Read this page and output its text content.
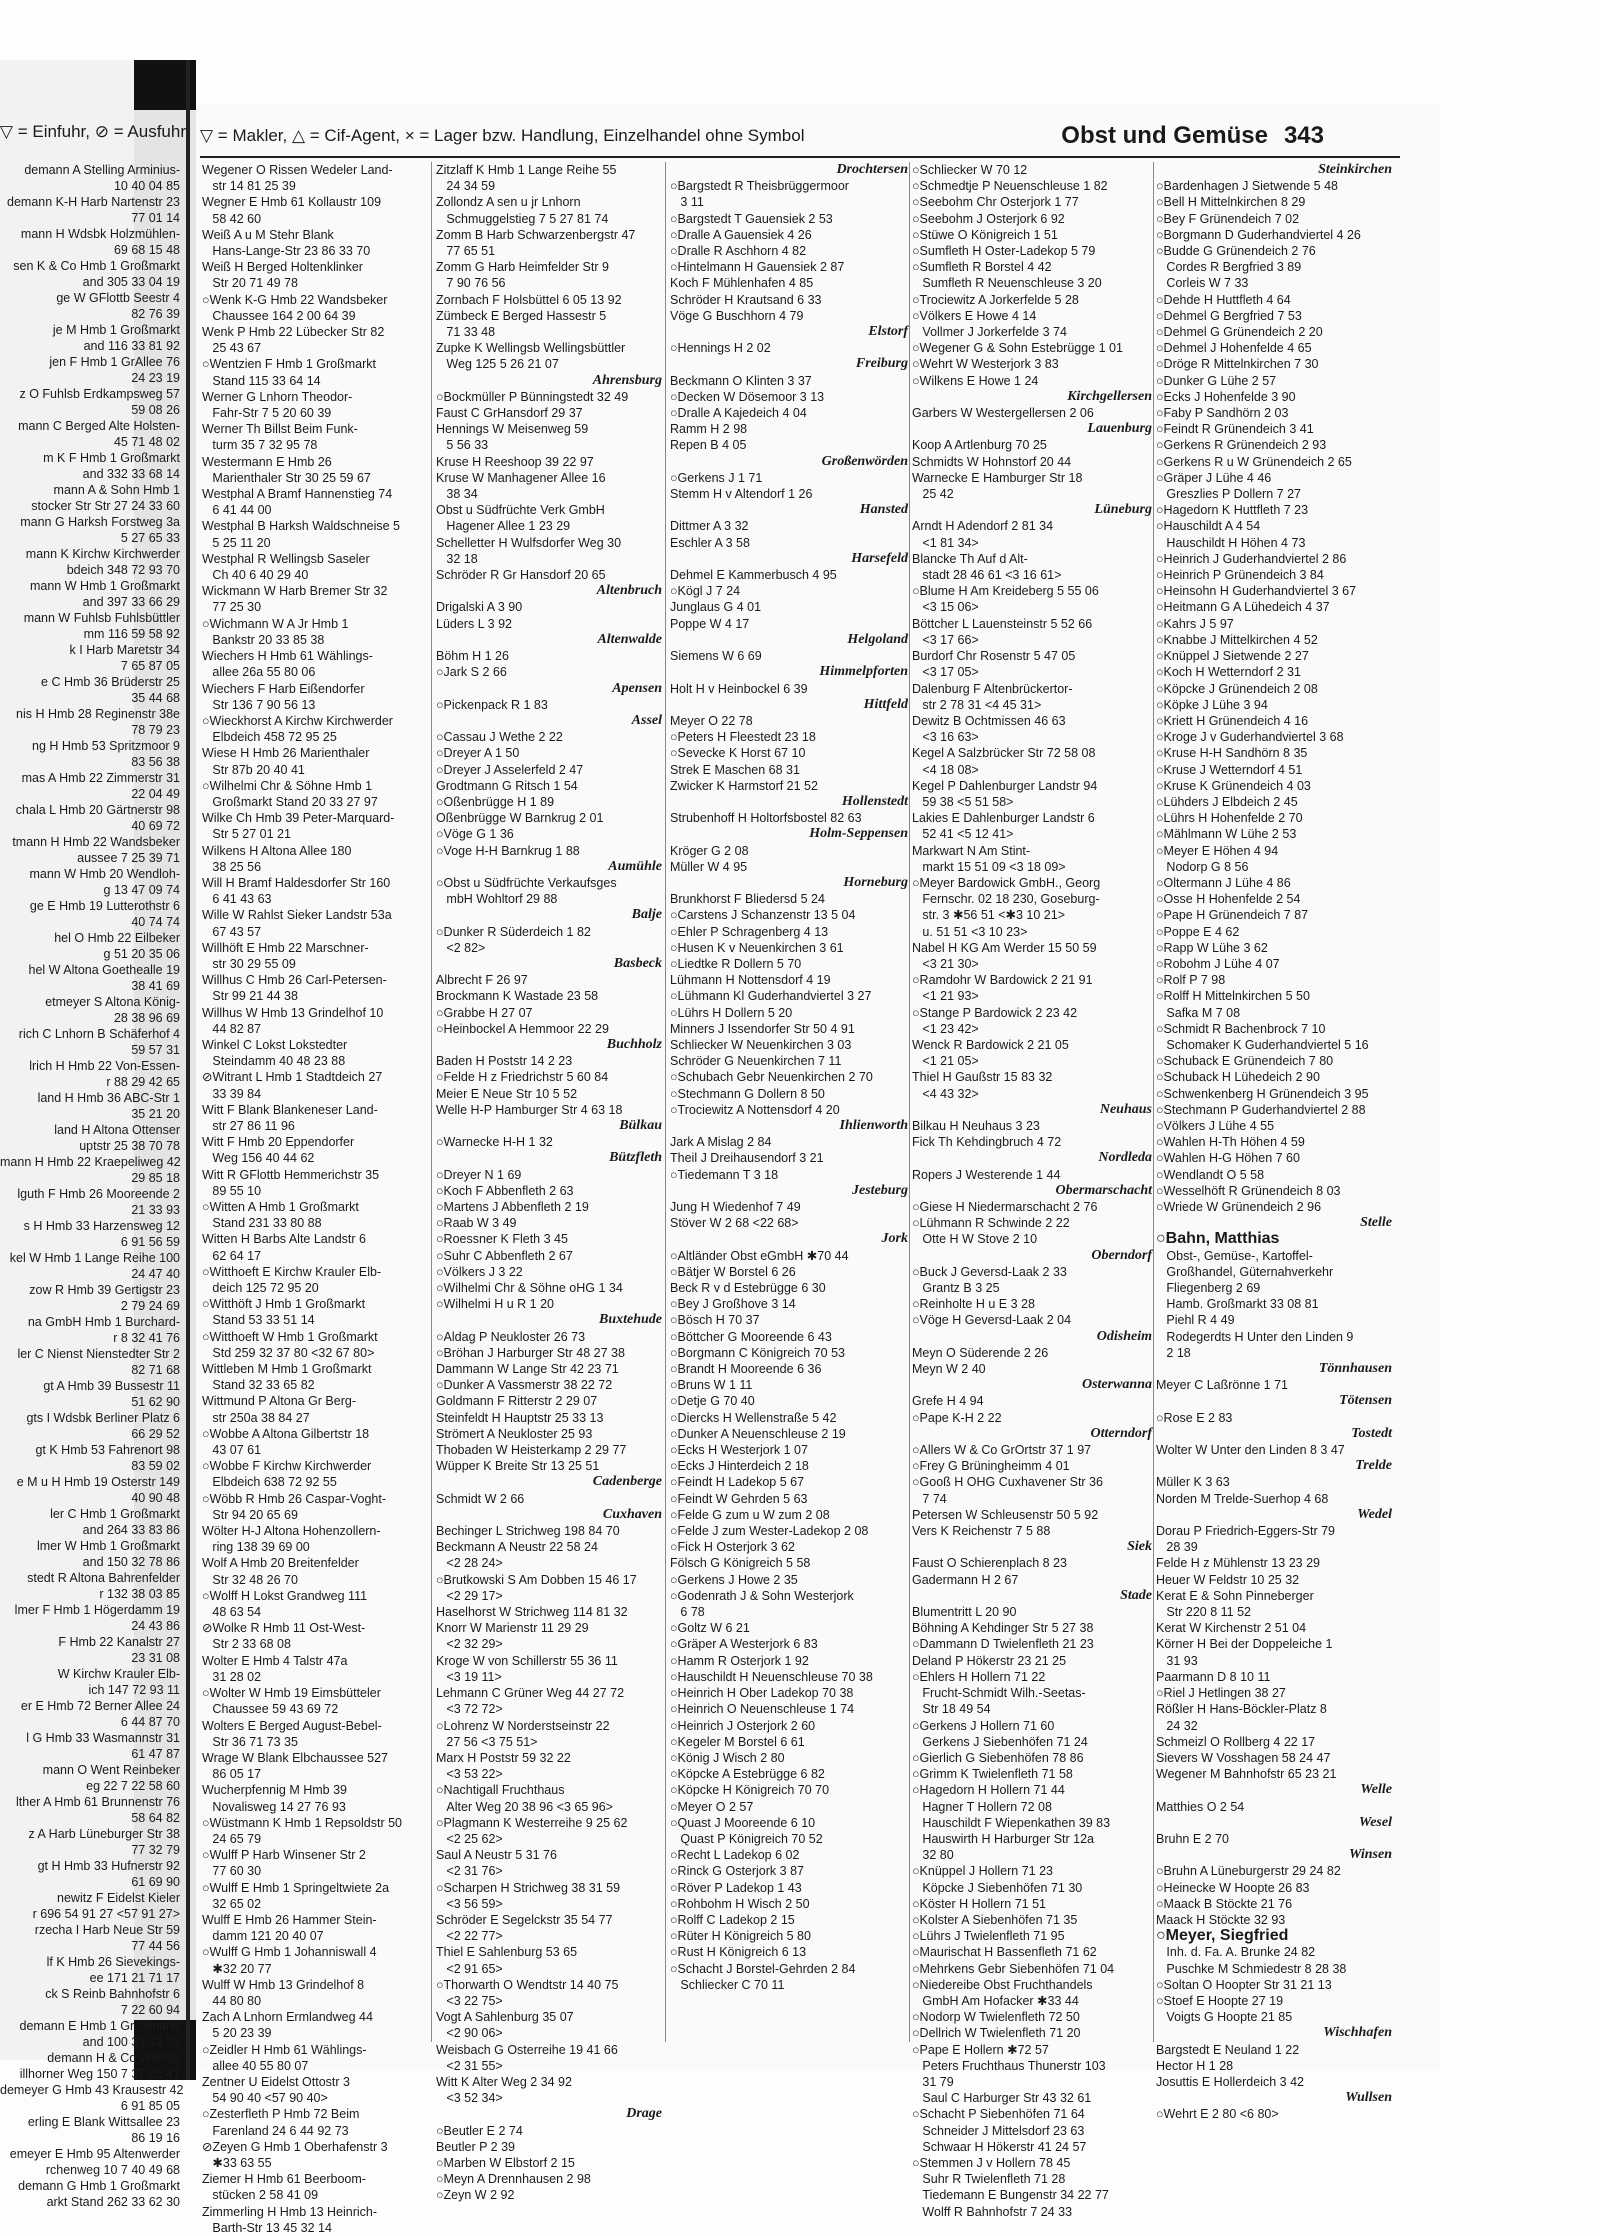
▽ = Einfuhr, ⊘ = Ausfuhr ▽ = Makler, △ = Cif-Agent, × = Lager bzw. Handlung, Einzelhandel ohne Symbol	Obst und Gemüse 343
demann A Stelling Arminius-
10 40 04 85
demann K-H Harb Nartenstr 23
77 01 14
mann H Wdsbk Holzmühlen-
69 68 15 48
sen K & Co Hmb 1 Großmarkt
and 305 33 04 19
ge W GFlottb Seestr 4
82 76 39
je M Hmb 1 Großmarkt
and 116 33 81 92
jen F Hmb 1 GrAllee 76
24 23 19
z O Fuhlsb Erdkampsweg 57
59 08 26
mann C Berged Alte Holsten-
45 71 48 02
m K F Hmb 1 Großmarkt
and 332 33 68 14
mann A & Sohn Hmb 1
stocker Str Str 27 24 33 60
mann G Harksh Forstweg 3a
5 27 65 33
mann K Kirchw Kirchwerder
bdeich 348 72 93 70
mann W Hmb 1 Großmarkt
and 397 33 66 29
mann W Fuhlsb Fuhlsbüttler
mm 116 59 58 92
k I Harb Maretstr 34
7 65 87 05
e C Hmb 36 Brüderstr 25
35 44 68
nis H Hmb 28 Reginenstr 38e
78 79 23
ng H Hmb 53 Spritzmoor 9
83 56 38
mas A Hmb 22 Zimmerstr 31
22 04 49
chala L Hmb 20 Gärtnerstr 98
40 69 72
tmann H Hmb 22 Wandsbeker
aussee 7 25 39 71
mann W Hmb 20 Wendloh-
g 13 47 09 74
ge E Hmb 19 Lutterothstr 6
40 74 74
hel O Hmb 22 Eilbeker
g 51 20 35 06
hel W Altona Goethealle 19
38 41 69
etmeyer S Altona König-
28 38 96 69
rich C Lnhorn B Schäferhof 4
59 57 31
lrich H Hmb 22 Von-Essen-
r 88 29 42 65
land H Hmb 36 ABC-Str 1
35 21 20
land H Altona Ottenser
uptstr 25 38 70 78
mann H Hmb 22 Kraepeliweg 42
29 85 18
lguth F Hmb 26 Mooreende 2
21 33 93
s H Hmb 33 Harzensweg 12
6 91 56 59
kel W Hmb 1 Lange Reihe 100
24 47 40
zow R Hmb 39 Gertigstr 23
2 79 24 69
na GmbH Hmb 1 Burchard-
r 8 32 41 76
ler C Nienst Nienstedter Str 2
82 71 68
gt A Hmb 39 Bussestr 11
51 62 90
gts I Wdsbk Berliner Platz 6
66 29 52
gt K Hmb 53 Fahrenort 98
83 59 02
e M u H Hmb 19 Osterstr 149
40 90 48
ler C Hmb 1 Großmarkt
and 264 33 83 86
lmer W Hmb 1 Großmarkt
and 150 32 78 86
stedt R Altona Bahrenfelder
r 132 38 03 85
lmer F Hmb 1 Högerdamm 19
24 43 86
F Hmb 22 Kanalstr 27
23 31 08
W Kirchw Krauler Elb-
ich 147 72 93 11
er E Hmb 72 Berner Allee 24
6 44 87 70
l G Hmb 33 Wasmannstr 31
61 47 87
mann O Went Reinbeker
eg 22 7 22 58 60
lther A Hmb 61 Brunnenstr 76
58 64 82
z A Harb Lüneburger Str 38
77 32 79
gt H Hmb 33 Hufnerstr 92
61 69 90
newitz F Eidelst Kieler
r 696 54 91 27 <57 91 27>
rzecha I Harb Neue Str 59
77 44 56
lf K Hmb 26 Sievekings-
ee 171 21 71 17
ck S Reinb Bahnhofstr 6
7 22 60 94
demann E Hmb 1 Großmarkt
and 100 33 43 33
demann H & Co Willhsb
illhorner Weg 150 7 37 22 47
demeyer G Hmb 43 Krausestr 42
6 91 85 05
erling E Blank Wittsallee 23
86 19 16
emeyer E Hmb 95 Altenwerder
rchenweg 10 7 40 49 68
demann G Hmb 1 Großmarkt
arkt Stand 262 33 62 30
Wegener O Rissen Wedeler Land-
str 14 81 25 39
Wegner E Hmb 61 Kollaustr 109
58 42 60
Weiß A u M Stehr Blank
Hans-Lange-Str 23 86 33 70
Weiß H Berged Holtenklinker
Str 20 71 49 78
○Wenk K-G Hmb 22 Wandsbeker
Chaussee 164 2 00 64 39
Wenk P Hmb 22 Lübecker Str 82
25 43 67
○Wentzien F Hmb 1 Großmarkt
Stand 115 33 64 14
Werner G Lnhorn Theodor-
Fahr-Str 7 5 20 60 39
Werner Th Billst Beim Funk-
turm 35 7 32 95 78
Westermann E Hmb 26
Marienthaler Str 30 25 59 67
Westphal A Bramf Hannenstieg 74
6 41 44 00
Westphal B Harksh Waldschneise 5
5 25 11 20
Westphal R Wellingsb Saseler
Ch 40 6 40 29 40
Wickmann W Harb Bremer Str 32
77 25 30
○Wichmann W A Jr Hmb 1
Bankstr 20 33 85 38
Wiechers H Hmb 61 Wählings-
allee 26a 55 80 06
Wiechers F Harb Eißendorfer
Str 136 7 90 56 13
○Wieckhorst A Kirchw Kirchwerder
Elbdeich 458 72 95 25
Wiese H Hmb 26 Marienthaler
Str 87b 20 40 41
○Wilhelmi Chr & Söhne Hmb 1
Großmarkt Stand 20 33 27 97
Wilke Ch Hmb 39 Peter-Marquard-
Str 5 27 01 21
Wilkens H Altona Allee 180
38 25 56
Will H Bramf Haldesdorfer Str 160
6 41 43 63
Wille W Rahlst Sieker Landstr 53a
67 43 57
Willhöft E Hmb 22 Marschner-
str 30 29 55 09
Willhus C Hmb 26 Carl-Petersen-
Str 99 21 44 38
Willhus W Hmb 13 Grindelhof 10
44 82 87
Winkel C Lokst Lokstedter
Steindamm 40 48 23 88
⊘Witrant L Hmb 1 Stadtdeich 27
33 39 84
Witt F Blank Blankeneser Land-
str 27 86 11 96
Witt F Hmb 20 Eppendorfer
Weg 156 40 44 62
Witt R GFlottb Hemmerichstr 35
89 55 10
○Witten A Hmb 1 Großmarkt
Stand 231 33 80 88
Witten H Barbs Alte Landstr 6
62 64 17
○Witthoeft E Kirchw Krauler Elb-
deich 125 72 95 20
○Witthöft J Hmb 1 Großmarkt
Stand 53 33 51 14
○Witthoeft W Hmb 1 Großmarkt
Std 259 32 37 80 <32 67 80>
Wittleben M Hmb 1 Großmarkt
Stand 32 33 65 82
Wittmund P Altona Gr Berg-
str 250a 38 84 27
○Wobbe A Altona Gilbertstr 18
43 07 61
○Wobbe F Kirchw Kirchwerder
Elbdeich 638 72 92 55
○Wöbb R Hmb 26 Caspar-Voght-
Str 94 20 65 69
Wölter H-J Altona Hohenzollern-
ring 138 39 69 00
Wolf A Hmb 20 Breitenfelder
Str 32 48 26 70
○Wolff H Lokst Grandweg 111
48 63 54
⊘Wolke R Hmb 11 Ost-West-
Str 2 33 68 08
Wolter E Hmb 4 Talstr 47a
31 28 02
○Wolter W Hmb 19 Eimsbütteler
Chaussee 59 43 69 72
Wolters E Berged August-Bebel-
Str 36 71 73 35
Wrage W Blank Elbchaussee 527
86 05 17
Wucherpfennig M Hmb 39
Novalisweg 14 27 76 93
○Wüstmann K Hmb 1 Repsoldstr 50
24 65 79
○Wulff P Harb Winsener Str 2
77 60 30
○Wulff E Hmb 1 Springeltwiete 2a
32 65 02
Wulff E Hmb 26 Hammer Stein-
damm 121 20 40 07
○Wulff G Hmb 1 Johanniswall 4
✱32 20 77
Wulff W Hmb 13 Grindelhof 8
44 80 80
Zach A Lnhorn Ermlandweg 44
5 20 23 39
○Zeidler H Hmb 61 Wählings-
allee 40 55 80 07
Zentner U Eidelst Ottostr 3
54 90 40 <57 90 40>
○Zesterfleth P Hmb 72 Beim
Farenland 24 6 44 92 73
⊘Zeyen G Hmb 1 Oberhafenstr 3
✱33 63 55
Ziemer H Hmb 61 Beerboom-
stücken 2 58 41 09
Zimmerling H Hmb 13 Heinrich-
Barth-Str 13 45 32 14
Zitzlaff K Hmb 1 Lange Reihe 55
24 34 59
Zollondz A sen u jr Lnhorn
Schmuggelstieg 7 5 27 81 74
Zomm B Harb Schwarzenbergstr 47
77 65 51
Zomm G Harb Heimfelder Str 9
7 90 76 56
Zornbach F Holsbüttel 6 05 13 92
Zümbeck E Berged Hassestr 5
71 33 48
Zupke K Wellingsb Wellingsbüttler
Weg 125 5 26 21 07
Ahrensburg
○Bockmüller P Bünningstedt 32 49
Faust C GrHansdorf 29 37
Hennings W Meisenweg 59
5 56 33
Kruse H Reeshoop 39 22 97
Kruse W Manhagener Allee 16
38 34
Obst u Südfrüchte Verk GmbH
Hagener Allee 1 23 29
Schelletter H Wulfsdorfer Weg 30
32 18
Schröder R Gr Hansdorf 20 65
Altenbruch
Drigalski A 3 90
Lüders L 3 92
Altenwalde
Böhm H 1 26
○Jark S 2 66
Apensen
○Pickenpack R 1 83
Assel
○Cassau J Wethe 2 22
○Dreyer A 1 50
○Dreyer J Asselerfeld 2 47
Grodtmann G Ritsch 1 54
○Oßenbrügge H 1 89
Oßenbrügge W Barnkrug 2 01
○Vöge G 1 36
○Voge H-H Barnkrug 1 88
Aumühle
○Obst u Südfrüchte Verkaufsges
mbH Wohltorf 29 88
Balje
○Dunker R Süderdeich 1 82
<2 82>
Basbeck
Albrecht F 26 97
Brockmann K Wastade 23 58
○Grabbe H 27 07
○Heinbockel A Hemmoor 22 29
Buchholz
Baden H Poststr 14 2 23
○Felde H z Friedrichstr 5 60 84
Meier E Neue Str 10 5 52
Welle H-P Hamburger Str 4 63 18
Bülkau
○Warnecke H-H 1 32
Bützfleth
○Dreyer N 1 69
○Koch F Abbenfleth 2 63
○Martens J Abbenfleth 2 19
○Raab W 3 49
○Roessner K Fleth 3 45
○Suhr C Abbenfleth 2 67
○Völkers J 3 22
○Wilhelmi Chr & Söhne oHG 1 34
○Wilhelmi H u R 1 20
Buxtehude
○Aldag P Neukloster 26 73
○Bröhan J Harburger Str 48 27 38
Dammann W Lange Str 42 23 71
○Dunker A Vassmerstr 38 22 72
Goldmann F Ritterstr 2 29 07
Steinfeldt H Hauptstr 25 33 13
Strömert A Neukloster 25 93
Thobaden W Heisterkamp 2 29 77
Wüpper K Breite Str 13 25 51
Cadenberge
Schmidt W 2 66
Cuxhaven
Bechinger L Strichweg 198 84 70
Beckmann A Neustr 22 58 24
<2 28 24>
○Brutkowski S Am Dobben 15 46 17
<2 29 17>
Haselhorst W Strichweg 114 81 32
Knorr W Marienstr 11 29 29
<2 32 29>
Kroge W von Schillerstr 55 36 11
<3 19 11>
Lehmann C Grüner Weg 44 27 72
<3 72 72>
○Lohrenz W Norderstseinstr 22
27 56 <3 75 51>
Marx H Poststr 59 32 22
<3 53 22>
○Nachtigall Fruchthaus
Alter Weg 20 38 96 <3 65 96>
○Plagmann K Westerreihe 9 25 62
<2 25 62>
Saul A Neustr 5 31 76
<2 31 76>
○Scharpen H Strichweg 38 31 59
<3 56 59>
Schröder E Segelckstr 35 54 77
<2 22 77>
Thiel E Sahlenburg 53 65
<2 91 65>
○Thorwarth O Wendtstr 14 40 75
<3 22 75>
Vogt A Sahlenburg 35 07
<2 90 06>
Weisbach G Osterreihe 19 41 66
<2 31 55>
Witt K Alter Weg 2 34 92
<3 52 34>
Drage
○Beutler E 2 74
Beutler P 2 39
○Marben W Elbstorf 2 15
○Meyn A Drennhausen 2 98
○Zeyn W 2 92
Drochtersen
○Bargstedt R Theisbrüggermoor
3 11
○Bargstedt T Gauensiek 2 53
○Dralle A Gauensiek 4 26
○Dralle R Aschhorn 4 82
○Hintelmann H Gauensiek 2 87
Koch F Mühlenhafen 4 85
Schröder H Krautsand 6 33
Vöge G Buschhorn 4 79
Elstorf
○Hennings H 2 02
Freiburg
Beckmann O Klinten 3 37
○Decken W Dösemoor 3 13
○Dralle A Kajedeich 4 04
Ramm H 2 98
Repen B 4 05
Großenwörden
○Gerkens J 1 71
Stemm H v Altendorf 1 26
Hansted
Dittmer A 3 32
Eschler A 3 58
Harsefeld
Dehmel E Kammerbusch 4 95
○Kögl J 7 24
Junglaus G 4 01
Poppe W 4 17
Helgoland
Siemens W 6 69
Himmelpforten
Holt H v Heinbockel 6 39
Hittfeld
Meyer O 22 78
○Peters H Fleestedt 23 18
○Sevecke K Horst 67 10
Strek E Maschen 68 31
Zwicker K Harmstorf 21 52
Hollenstedt
Strubenhoff H Holtorfsbostel 82 63
Holm-Seppensen
Kröger G 2 08
Müller W 4 95
Horneburg
Brunkhorst F Bliedersd 5 24
○Carstens J Schanzenstr 13 5 04
○Ehler P Schragenberg 4 13
○Husen K v Neuenkirchen 3 61
○Liedtke R Dollern 5 70
Lühmann H Nottensdorf 4 19
○Lühmann Kl Guderhandviertel 3 27
○Lührs H Dollern 5 20
Minners J Issendorfer Str 50 4 91
Schliecker W Neuenkirchen 3 03
Schröder G Neuenkirchen 7 11
○Schubach Gebr Neuenkirchen 2 70
○Stechmann G Dollern 8 50
○Trociewitz A Nottensdorf 4 20
Ihlienworth
Jark A Mislag 2 84
Theil J Dreihausendorf 3 21
○Tiedemann T 3 18
Jesteburg
Jung H Wiedenhof 7 49
Stöver W 2 68 <22 68>
Jork
○Altländer Obst eGmbH ✱70 44
○Bätjer W Borstel 6 26
Beck R v d Estebrügge 6 30
○Bey J Großhove 3 14
○Bösch H 70 37
○Böttcher G Mooreende 6 43
○Borgmann C Königreich 70 53
○Brandt H Mooreende 6 36
○Bruns W 1 11
○Detje G 70 40
○Diercks H Wellenstraße 5 42
○Dunker A Neuenschleuse 2 19
○Ecks H Westerjork 1 07
○Ecks J Hinterdeich 2 18
○Feindt H Ladekop 5 67
○Feindt W Gehrden 5 63
○Felde G zum u W zum 2 08
○Felde J zum Wester-Ladekop 2 08
○Fick H Osterjork 3 62
Fölsch G Königreich 5 58
○Gerkens J Howe 2 35
○Godenrath J & Sohn Westerjork
6 78
○Goltz W 6 21
○Gräper A Westerjork 6 83
○Hamm R Osterjork 1 92
○Hauschildt H Neuenschleuse 70 38
○Heinrich H Ober Ladekop 70 38
○Heinrich O Neuenschleuse 1 74
○Heinrich J Osterjork 2 60
○Kegeler M Borstel 6 61
○König J Wisch 2 80
○Köpcke A Estebrügge 6 82
○Köpcke H Königreich 70 70
○Meyer O 2 57
○Quast J Mooreende 6 10
Quast P Königreich 70 52
○Recht L Ladekop 6 02
○Rinck G Osterjork 3 87
○Röver P Ladekop 1 43
○Rohbohm H Wisch 2 50
○Rolff C Ladekop 2 15
○Rüter H Königreich 5 80
○Rust H Königreich 6 13
○Schacht J Borstel-Gehrden 2 84
Schliecker C 70 11
○Schliecker W 70 12
○Schmedtje P Neuenschleuse 1 82
○Seebohm Chr Osterjork 1 77
○Seebohm J Osterjork 6 92
○Stüwe O Königreich 1 51
○Sumfleth H Oster-Ladekop 5 79
○Sumfleth R Borstel 4 42
Sumfleth R Neuenschleuse 3 20
○Trociewitz A Jorkerfelde 5 28
○Völkers E Howe 4 14
Vollmer J Jorkerfelde 3 74
○Wegener G & Sohn Estebrügge 1 01
○Wehrt W Westerjork 3 83
○Wilkens E Howe 1 24
Kirchgellersen
Garbers W Westergellersen 2 06
Lauenburg
Koop A Artlenburg 70 25
Schmidts W Hohnstorf 20 44
Warnecke E Hamburger Str 18
25 42
Lüneburg
Arndt H Adendorf 2 81 34
<1 81 34>
Blancke Th Auf d Alt-
stadt 28 46 61 <3 16 61>
○Blume H Am Kreideberg 5 55 06
<3 15 06>
Böttcher L Lauensteinstr 5 52 66
<3 17 66>
Burdorf Chr Rosenstr 5 47 05
<3 17 05>
Dalenburg F Altenbrückertor-
str 2 78 31 <4 45 31>
Dewitz B Ochtmissen 46 63
<3 16 63>
Kegel A Salzbrücker Str 72 58 08
<4 18 08>
Kegel P Dahlenburger Landstr 94
59 38 <5 51 58>
Lakies E Dahlenburger Landstr 6
52 41 <5 12 41>
Markwart N Am Stint-
markt 15 51 09 <3 18 09>
○Meyer Bardowick GmbH., Georg
Fernschr. 02 18 230, Goseburg-
str. 3 ✱56 51 <✱3 10 21>
u. 51 51 <3 10 23>
Nabel H KG Am Werder 15 50 59
<3 21 30>
○Ramdohr W Bardowick 2 21 91
<1 21 93>
○Stange P Bardowick 2 23 42
<1 23 42>
Wenck R Bardowick 2 21 05
<1 21 05>
Thiel H Gaußstr 15 83 32
<4 43 32>
Neuhaus
Bilkau H Neuhaus 3 23
Fick Th Kehdingbruch 4 72
Nordleda
Ropers J Westerende 1 44
Obermarschacht
○Giese H Niedermarschacht 2 76
○Lühmann R Schwinde 2 22
Otte H W Stove 2 10
Oberndorf
○Buck J Geversd-Laak 2 33
Grantz B 3 25
○Reinholte H u E 3 28
○Vöge H Geversd-Laak 2 04
Odisheim
Meyn O Süderende 2 26
Meyn W 2 40
Osterwanna
Grefe H 4 94
○Pape K-H 2 22
Otterndorf
○Allers W & Co GrOrtstr 37 1 97
○Frey G Brüningheimm 4 01
○Gooß H OHG Cuxhavener Str 36
7 74
Petersen W Schleusenstr 50 5 92
Vers K Reichenstr 7 5 88
Siek
Faust O Schierenplach 8 23
Gadermann H 2 67
Stade
Blumentritt L 20 90
Böhning A Kehdinger Str 5 27 38
○Dammann D Twielenfleth 21 23
Deland P Hökerstr 23 21 25
○Ehlers H Hollern 71 22
Frucht-Schmidt Wilh.-Seetas-
Str 18 49 54
○Gerkens J Hollern 71 60
Gerkens J Siebenhöfen 71 24
○Gierlich G Siebenhöfen 78 86
○Grimm K Twielenfleth 71 58
○Hagedorn H Hollern 71 44
Hagner T Hollern 72 08
Hauschildt F Wiepenkathen 39 83
Hauswirth H Harburger Str 12a
32 80
○Knüppel J Hollern 71 23
Köpcke J Siebenhöfen 71 30
○Köster H Hollern 71 51
○Kolster A Siebenhöfen 71 35
○Lührs J Twielenfleth 71 95
○Maurischat H Bassenfleth 71 62
○Mehrkens Gebr Siebenhöfen 71 04
○Niedereibe Obst Fruchthandels
GmbH Am Hofacker ✱33 44
○Nodorp W Twielenfleth 72 50
○Dellrich W Twielenfleth 71 20
○Pape E Hollern ✱72 57
Peters Fruchthaus Thunerstr 103
31 79
Saul C Harburger Str 43 32 61
○Schacht P Siebenhöfen 71 64
Schneider J Mittelsdorf 23 63
Schwaar H Hökerstr 41 24 57
○Stemmen J v Hollern 78 45
Suhr R Twielenfleth 71 28
Tiedemann E Bungenstr 34 22 77
Wolff R Bahnhofstr 7 24 33
Steinkirchen
○Bardenhagen J Sietwende 5 48
○Bell H Mittelnkirchen 8 29
○Bey F Grünendeich 7 02
○Borgmann D Guderhandviertel 4 26
○Budde G Grünendeich 2 76
Cordes R Bergfried 3 89
Corleis W 7 33
○Dehde H Huttfleth 4 64
○Dehmel G Bergfried 7 53
○Dehmel G Grünendeich 2 20
○Dehmel J Hohenfelde 4 65
○Dröge R Mittelnkirchen 7 30
○Dunker G Lühe 2 57
○Ecks J Hohenfelde 3 90
○Faby P Sandhörn 2 03
○Feindt R Grünendeich 3 41
○Gerkens R Grünendeich 2 93
○Gerkens R u W Grünendeich 2 65
○Gräper J Lühe 4 46
Greszlies P Dollern 7 27
○Hagedorn K Huttfleth 7 23
○Hauschildt A 4 54
Hauschildt H Höhen 4 73
○Heinrich J Guderhandviertel 2 86
○Heinrich P Grünendeich 3 84
○Heinsohn H Guderhandviertel 3 67
○Heitmann G A Lühedeich 4 37
○Kahrs J 5 97
○Knabbe J Mittelkirchen 4 52
○Knüppel J Sietwende 2 27
○Koch H Wetterndorf 2 31
○Köpcke J Grünendeich 2 08
○Köpke J Lühe 3 94
○Kriett H Grünendeich 4 16
○Kroge J v Guderhandviertel 3 68
○Kruse H-H Sandhörn 8 35
○Kruse J Wetterndorf 4 51
○Kruse K Grünendeich 4 03
○Lühders J Elbdeich 2 45
○Lührs H Hohenfelde 2 70
○Mählmann W Lühe 2 53
○Meyer E Höhen 4 94
Nodorp G 8 56
○Oltermann J Lühe 4 86
○Osse H Hohenfelde 2 54
○Pape H Grünendeich 7 87
○Poppe E 4 62
○Rapp W Lühe 3 62
○Robohm J Lühe 4 07
○Rolf P 7 98
○Rolff H Mittelnkirchen 5 50
Safka M 7 08
○Schmidt R Bachenbrock 7 10
Schomaker K Guderhandviertel 5 16
○Schuback E Grünendeich 7 80
○Schuback H Lühedeich 2 90
○Schwenkenberg H Grünendeich 3 95
○Stechmann P Guderhandviertel 2 88
○Völkers J Lühe 4 55
○Wahlen H-Th Höhen 4 59
○Wahlen H-G Höhen 7 60
○Wendlandt O 5 58
○Wesselhöft R Grünendeich 8 03
○Wriede W Grünendeich 2 96
Stelle
○Bahn, Matthias
Obst-, Gemüse-, Kartoffel-
Großhandel, Güternahverkehr
Fliegenberg 2 69
Hamb. Großmarkt 33 08 81
Piehl R 4 49
Rodegerdts H Unter den Linden 9
2 18
Tönnhausen
Meyer C Laßrönne 1 71
Tötensen
○Rose E 2 83
Tostedt
Wolter W Unter den Linden 8 3 47
Trelde
Müller K 3 63
Norden M Trelde-Suerhop 4 68
Wedel
Dorau P Friedrich-Eggers-Str 79
28 39
Felde H z Mühlenstr 13 23 29
Heuer W Feldstr 10 25 32
Kerat E & Sohn Pinneberger
Str 220 8 11 52
Kerat W Kirchenstr 2 51 04
Körner H Bei der Doppeleiche 1
31 93
Paarmann D 8 10 11
○Riel J Hetlingen 38 27
Rößler H Hans-Böckler-Platz 8
24 32
Schmeizl O Rollberg 4 22 17
Sievers W Vosshagen 58 24 47
Wegener M Bahnhofstr 65 23 21
Welle
Matthies O 2 54
Wesel
Bruhn E 2 70
Winsen
○Bruhn A Lüneburgerstr 29 24 82
○Heinecke W Hoopte 26 83
○Maack B Stöckte 21 76
Maack H Stöckte 32 93
○Meyer, Siegfried
Inh. d. Fa. A. Brunke 24 82
Puschke M Schmiedestr 8 28 38
○Soltan O Hoopter Str 31 21 13
○Stoef E Hoopte 27 19
Voigts G Hoopte 21 85
Wischhafen
Bargstedt E Neuland 1 22
Hector H 1 28
Josuttis E Hollerdeich 3 42
Wullsen
○Wehrt E 2 80 <6 80>
